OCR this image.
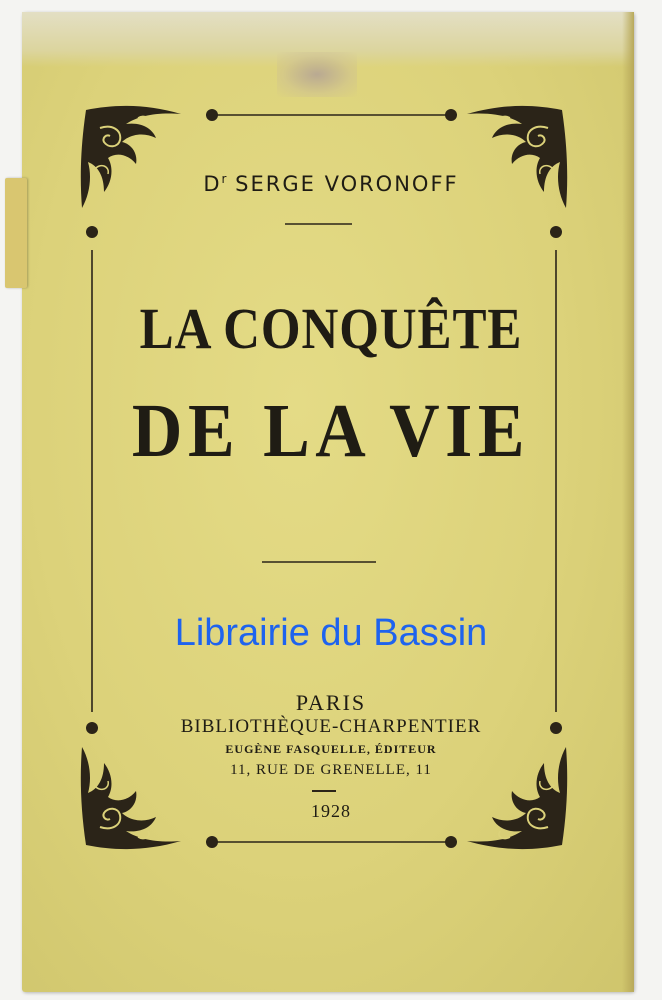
$D^r$ SERGE VORONOFF
LA CONQUÊTE
DE LA VIE
Librairie du Bassin
PARIS
BIBLIOTHÈQUE-CHARPENTIER
EUGÈNE FASQUELLE, ÉDITEUR
11, RUE DE GRENELLE, 11
1928
